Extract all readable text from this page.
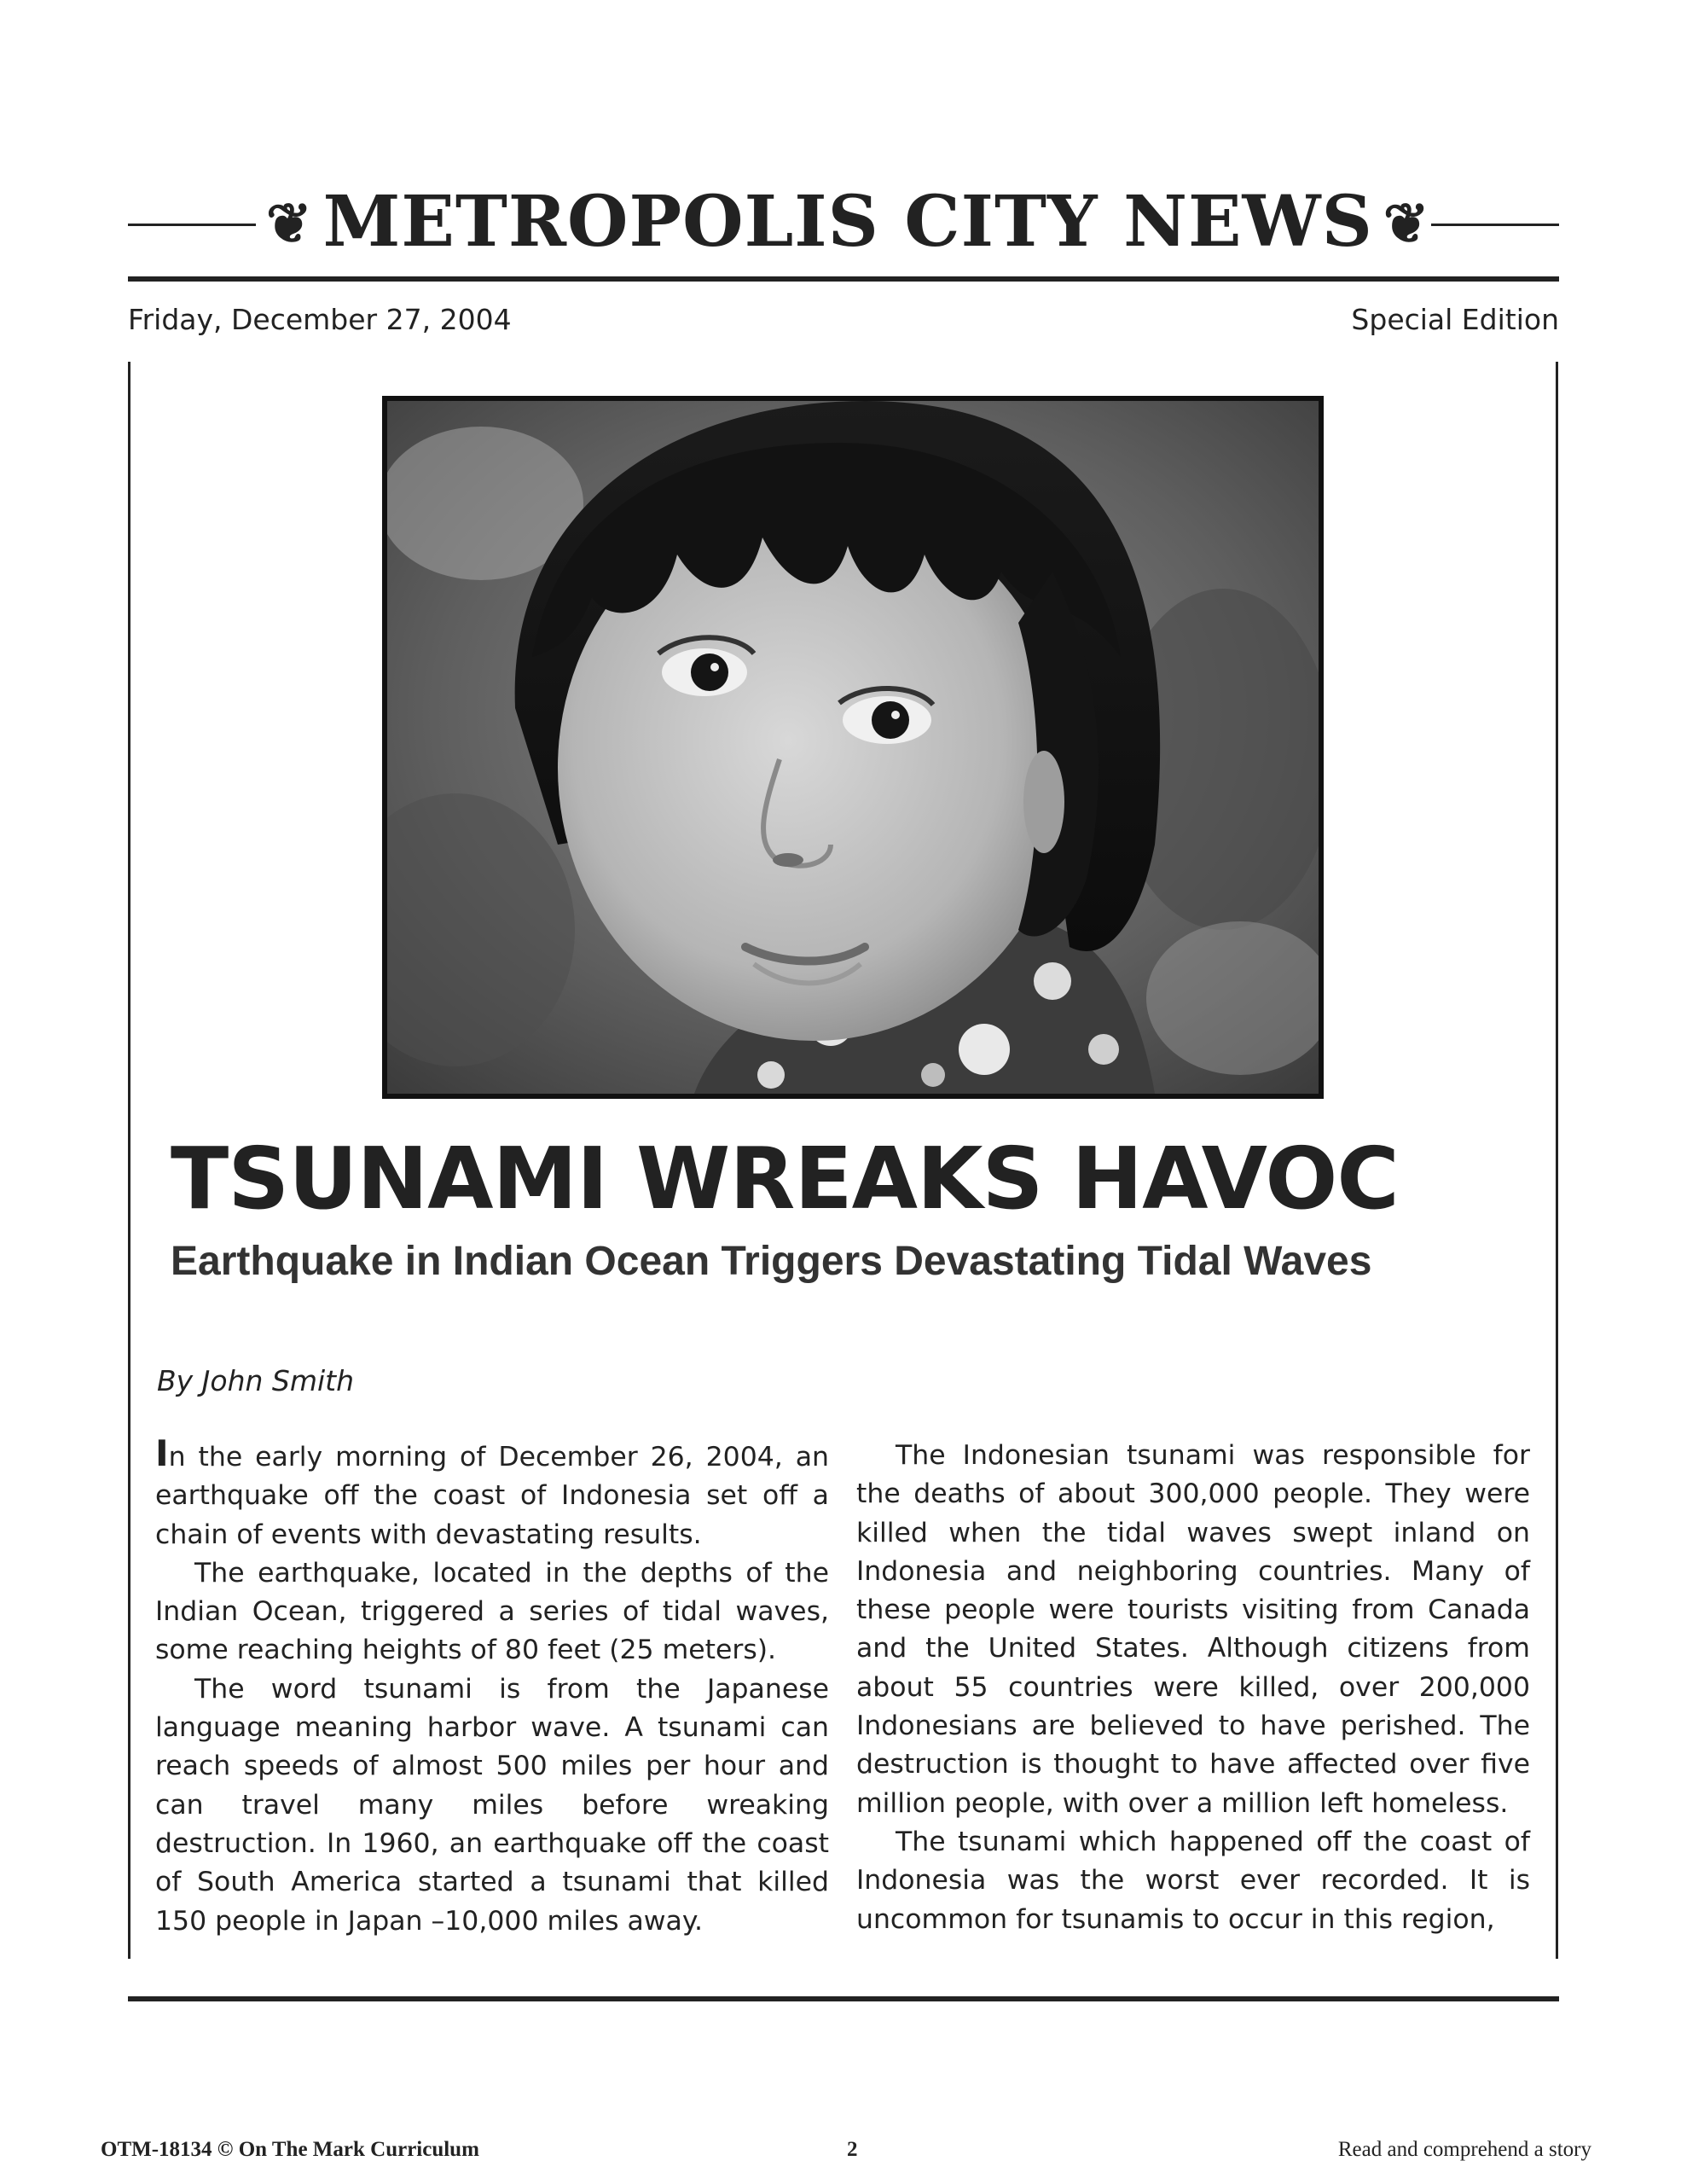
❦ METROPOLIS CITY NEWS ❦
Friday, December 27, 2004	Special Edition
TSUNAMI WREAKS HAVOC
Earthquake in Indian Ocean Triggers Devastating Tidal Waves
By John Smith

In the early morning of December 26, 2004, an earthquake off the coast of Indonesia set off a chain of events with devastating results.

The earthquake, located in the depths of the Indian Ocean, triggered a series of tidal waves, some reaching heights of 80 feet (25 meters).

The word tsunami is from the Japanese language meaning harbor wave. A tsunami can reach speeds of almost 500 miles per hour and can travel many miles before wreaking destruction. In 1960, an earthquake off the coast of South America started a tsunami that killed 150 people in Japan –10,000 miles away.

The Indonesian tsunami was responsible for the deaths of about 300,000 people. They were killed when the tidal waves swept inland on Indonesia and neighboring countries. Many of these people were tourists visiting from Canada and the United States. Although citizens from about 55 countries were killed, over 200,000 Indonesians are believed to have perished. The destruction is thought to have affected over five million people, with over a million left homeless.

The tsunami which happened off the coast of Indonesia was the worst ever recorded. It is uncommon for tsunamis to occur in this region,

OTM-18134 © On The Mark Curriculum	2	Read and comprehend a story
